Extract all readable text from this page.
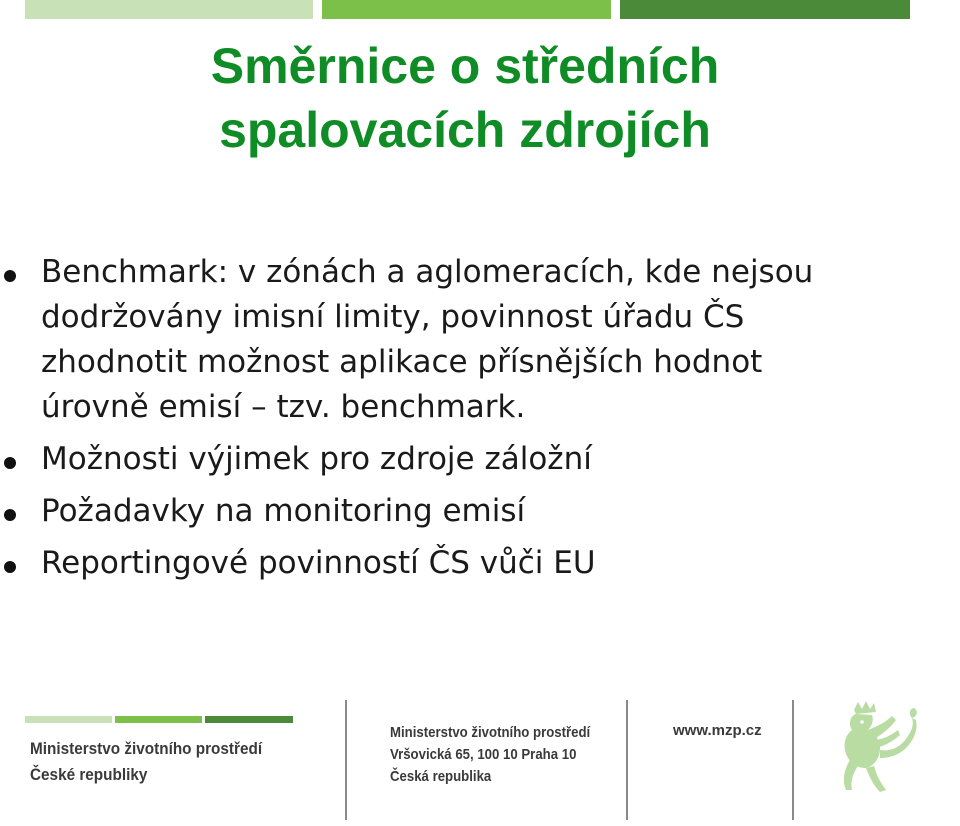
Směrnice o středních
spalovacích zdrojích
Benchmark: v zónách a aglomeracích, kde nejsou
dodržovány imisní limity, povinnost úřadu ČS
zhodnotit možnost aplikace přísnějších hodnot
úrovně emisí – tzv. benchmark.
Možnosti výjimek pro zdroje záložní
Požadavky na monitoring emisí
Reportingové povinností ČS vůči EU
Ministerstvo životního prostředí
České republiky
Ministerstvo životního prostředí
Vršovická 65, 100 10 Praha 10
Česká republika
www.mzp.cz
